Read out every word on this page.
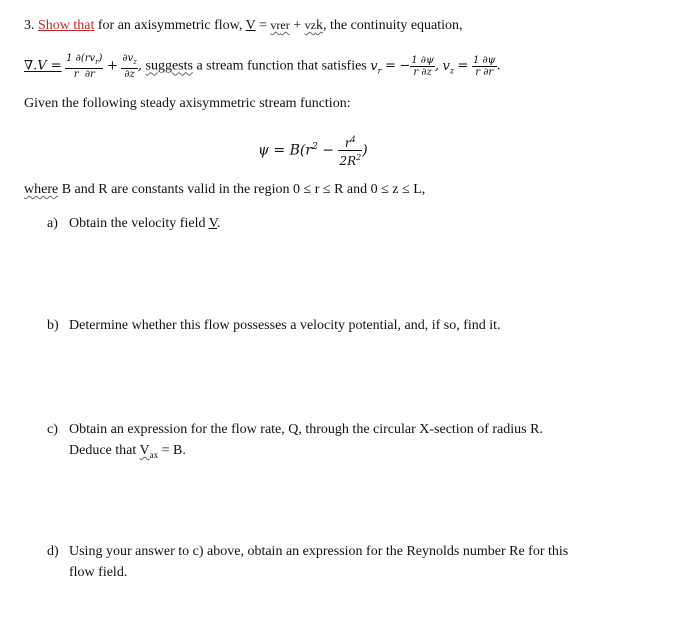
3. Show that for an axisymmetric flow, V = vrer + vzk, the continuity equation,
$\nabla.V = \frac{1 \partial(rv_r)}{r \partial r} + \frac{\partial v_z}{\partial z}$ , suggests a stream function that satisfies $v_r$ = − $\frac{1 \partial\psi}{r \partial z}$ , $v_z = \frac{1 \partial\psi}{r \partial r}$ .
Given the following steady axisymmetric stream function:
$\psi = B(r^2 - \frac{r^4}{2R^2}$ )
where B and R are constants valid in the region 0 ≤ r ≤ R and 0 ≤ z ≤ L,
a) Obtain the velocity field V.
b) Determine whether this flow possesses a velocity potential, and, if so, find it.
c) Obtain an expression for the flow rate, Q, through the circular X-section of radius R.
Deduce that $V_{ax} = B$.
d) Using your answer to c) above, obtain an expression for the Reynolds number Re for this
flow field.
